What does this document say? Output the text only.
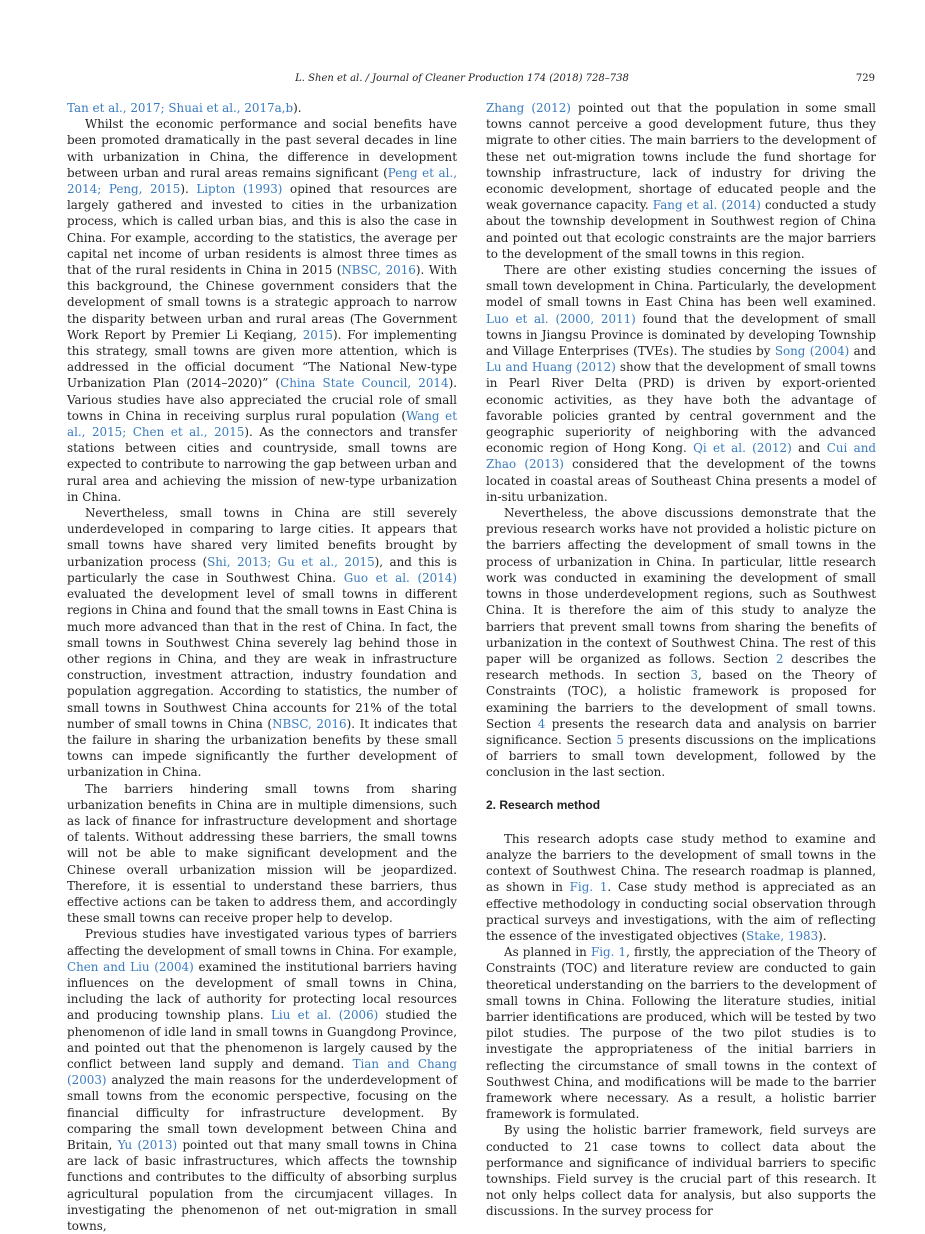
L. Shen et al. / Journal of Cleaner Production 174 (2018) 728–738	729

Tan et al., 2017; Shuai et al., 2017a,b).

Whilst the economic performance and social benefits have been promoted dramatically in the past several decades in line with urbanization in China, the difference in development between urban and rural areas remains significant (Peng et al., 2014; Peng, 2015). Lipton (1993) opined that resources are largely gathered and invested to cities in the urbanization process, which is called urban bias, and this is also the case in China. For example, according to the statistics, the average per capital net income of urban residents is almost three times as that of the rural residents in China in 2015 (NBSC, 2016). With this background, the Chinese government considers that the development of small towns is a strategic approach to narrow the disparity between urban and rural areas (The Government Work Report by Premier Li Keqiang, 2015). For implementing this strategy, small towns are given more attention, which is addressed in the official document “The National New-type Urbanization Plan (2014–2020)” (China State Council, 2014). Various studies have also appreciated the crucial role of small towns in China in receiving surplus rural population (Wang et al., 2015; Chen et al., 2015). As the connectors and transfer stations between cities and countryside, small towns are expected to contribute to narrowing the gap between urban and rural area and achieving the mission of new-type urbanization in China.

Nevertheless, small towns in China are still severely underdeveloped in comparing to large cities. It appears that small towns have shared very limited benefits brought by urbanization process (Shi, 2013; Gu et al., 2015), and this is particularly the case in Southwest China. Guo et al. (2014) evaluated the development level of small towns in different regions in China and found that the small towns in East China is much more advanced than that in the rest of China. In fact, the small towns in Southwest China severely lag behind those in other regions in China, and they are weak in infrastructure construction, investment attraction, industry foundation and population aggregation. According to statistics, the number of small towns in Southwest China accounts for 21% of the total number of small towns in China (NBSC, 2016). It indicates that the failure in sharing the urbanization benefits by these small towns can impede significantly the further development of urbanization in China.

The barriers hindering small towns from sharing urbanization benefits in China are in multiple dimensions, such as lack of finance for infrastructure development and shortage of talents. Without addressing these barriers, the small towns will not be able to make significant development and the Chinese overall urbanization mission will be jeopardized. Therefore, it is essential to understand these barriers, thus effective actions can be taken to address them, and accordingly these small towns can receive proper help to develop.

Previous studies have investigated various types of barriers affecting the development of small towns in China. For example, Chen and Liu (2004) examined the institutional barriers having influences on the development of small towns in China, including the lack of authority for protecting local resources and producing township plans. Liu et al. (2006) studied the phenomenon of idle land in small towns in Guangdong Province, and pointed out that the phenomenon is largely caused by the conflict between land supply and demand. Tian and Chang (2003) analyzed the main reasons for the underdevelopment of small towns from the economic perspective, focusing on the financial difficulty for infrastructure development. By comparing the small town development between China and Britain, Yu (2013) pointed out that many small towns in China are lack of basic infrastructures, which affects the township functions and contributes to the difficulty of absorbing surplus agricultural population from the circumjacent villages. In investigating the phenomenon of net out-migration in small towns,

Zhang (2012) pointed out that the population in some small towns cannot perceive a good development future, thus they migrate to other cities. The main barriers to the development of these net out-migration towns include the fund shortage for township infrastructure, lack of industry for driving the economic development, shortage of educated people and the weak governance capacity. Fang et al. (2014) conducted a study about the township development in Southwest region of China and pointed out that ecologic constraints are the major barriers to the development of the small towns in this region.

There are other existing studies concerning the issues of small town development in China. Particularly, the development model of small towns in East China has been well examined. Luo et al. (2000, 2011) found that the development of small towns in Jiangsu Province is dominated by developing Township and Village Enterprises (TVEs). The studies by Song (2004) and Lu and Huang (2012) show that the development of small towns in Pearl River Delta (PRD) is driven by export-oriented economic activities, as they have both the advantage of favorable policies granted by central government and the geographic superiority of neighboring with the advanced economic region of Hong Kong. Qi et al. (2012) and Cui and Zhao (2013) considered that the development of the towns located in coastal areas of Southeast China presents a model of in-situ urbanization.

Nevertheless, the above discussions demonstrate that the previous research works have not provided a holistic picture on the barriers affecting the development of small towns in the process of urbanization in China. In particular, little research work was conducted in examining the development of small towns in those underdevelopment regions, such as Southwest China. It is therefore the aim of this study to analyze the barriers that prevent small towns from sharing the benefits of urbanization in the context of Southwest China. The rest of this paper will be organized as follows. Section 2 describes the research methods. In section 3, based on the Theory of Constraints (TOC), a holistic framework is proposed for examining the barriers to the development of small towns. Section 4 presents the research data and analysis on barrier significance. Section 5 presents discussions on the implications of barriers to small town development, followed by the conclusion in the last section.

2. Research method

This research adopts case study method to examine and analyze the barriers to the development of small towns in the context of Southwest China. The research roadmap is planned, as shown in Fig. 1. Case study method is appreciated as an effective methodology in conducting social observation through practical surveys and investigations, with the aim of reflecting the essence of the investigated objectives (Stake, 1983).

As planned in Fig. 1, firstly, the appreciation of the Theory of Constraints (TOC) and literature review are conducted to gain theoretical understanding on the barriers to the development of small towns in China. Following the literature studies, initial barrier identifications are produced, which will be tested by two pilot studies. The purpose of the two pilot studies is to investigate the appropriateness of the initial barriers in reflecting the circumstance of small towns in the context of Southwest China, and modifications will be made to the barrier framework where necessary. As a result, a holistic barrier framework is formulated.

By using the holistic barrier framework, field surveys are conducted to 21 case towns to collect data about the performance and significance of individual barriers to specific townships. Field survey is the crucial part of this research. It not only helps collect data for analysis, but also supports the discussions. In the survey process for
